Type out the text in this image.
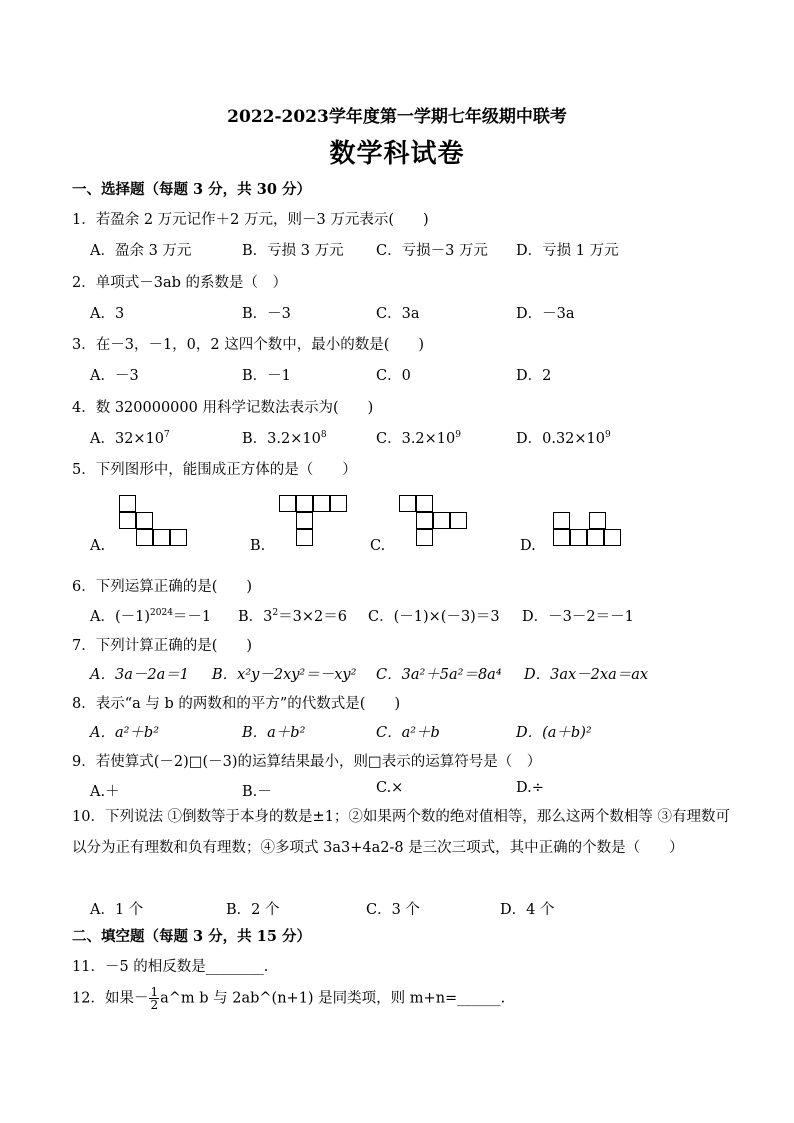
2022-2023学年度第一学期七年级期中联考
数学科试卷
一、选择题（每题 3 分，共 30 分）
1．若盈余 2 万元记作＋2 万元，则－3 万元表示(　　)
A．盈余 3 万元	B．亏损 3 万元 C．亏损－3 万元 D．亏损 1 万元
2．单项式－3ab 的系数是（　）
A．3	B．－3	C．3a	D．－3a
3．在－3，－1，0，2 这四个数中，最小的数是(　　)
A．－3	B．－1	C．0	D．2
4．数 320000000 用科学记数法表示为(　　)
A．$32\times 10^7$	B．$3.2\times 10^8$	C．$3.2\times 10^9$	D．$0.32\times 10^9$
5．下列图形中，能围成正方体的是（　　）
A.	B.	C.	D.
6．下列运算正确的是(　　)
A．$(-1)^{2024}=-1$ B．$3^2=3\times 2=6$ C．(－1)×(－3)＝3 D．－3－2＝－1
7．下列计算正确的是(　　)
A．3a－2a＝1 B．x²y－2xy²＝－xy² C．3a²＋5a²＝8a⁴ D．3ax－2xa＝ax
8．表示“a 与 b 的两数和的平方”的代数式是(　　)
A．a²＋b²	B．a＋b²	C．a²＋b	D．(a＋b)²
9．若使算式(－2)□(－3)的运算结果最小，则□表示的运算符号是（　）
A.＋	B.－	C.×	D.÷
10．下列说法 ①倒数等于本身的数是±1；②如果两个数的绝对值相等，那么这两个数相等 ③有理数可以分为正有理数和负有理数；④多项式 3a3+4a2-8 是三次三项式，其中正确的个数是（　　）
A．1 个	B．2 个	C．3 个	D．4 个
二、填空题（每题 3 分，共 15 分）
11．－5 的相反数是________.
12．如果－ $\frac{1}{2}$ a^m b 与 2ab^(n+1) 是同类项，则 m+n=______.
